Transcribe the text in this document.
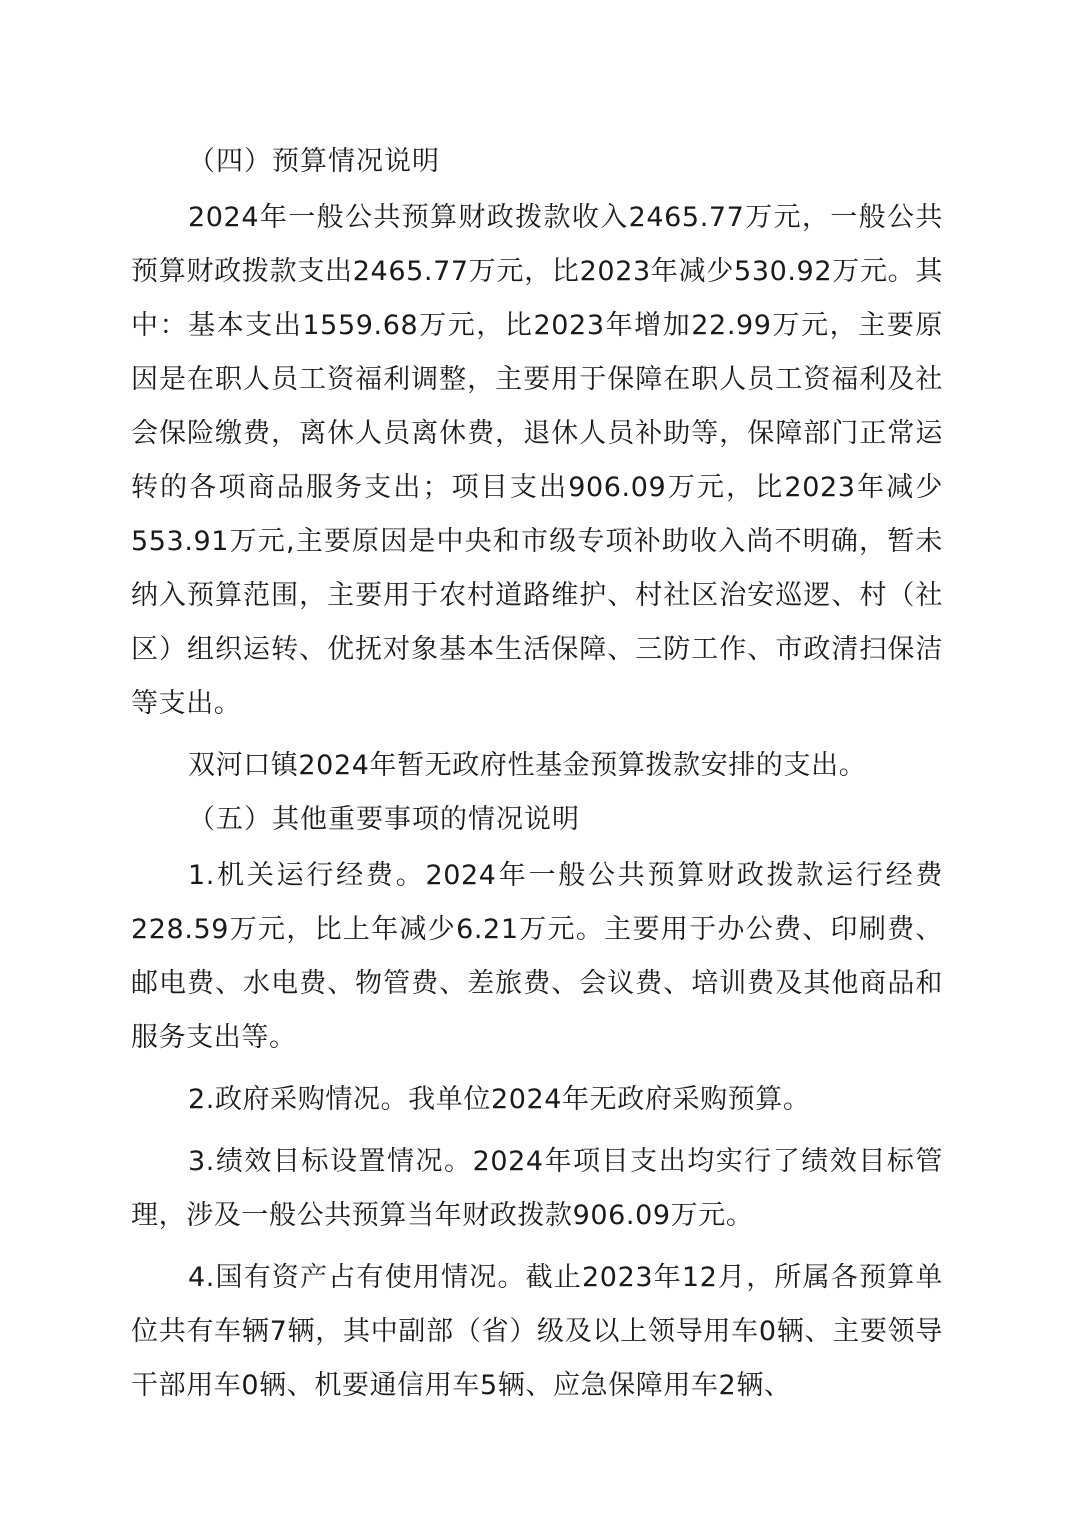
（四）预算情况说明

2024年一般公共预算财政拨款收入2465.77万元，一般公共预算财政拨款支出2465.77万元，比2023年减少530.92万元。其中：基本支出1559.68万元，比2023年增加22.99万元，主要原因是在职人员工资福利调整，主要用于保障在职人员工资福利及社会保险缴费，离休人员离休费，退休人员补助等，保障部门正常运转的各项商品服务支出；项目支出906.09万元，比2023年减少553.91万元,主要原因是中央和市级专项补助收入尚不明确，暂未纳入预算范围，主要用于农村道路维护、村社区治安巡逻、村（社区）组织运转、优抚对象基本生活保障、三防工作、市政清扫保洁等支出。

双河口镇2024年暂无政府性基金预算拨款安排的支出。

（五）其他重要事项的情况说明

1.机关运行经费。2024年一般公共预算财政拨款运行经费228.59万元，比上年减少6.21万元。主要用于办公费、印刷费、邮电费、水电费、物管费、差旅费、会议费、培训费及其他商品和服务支出等。

2.政府采购情况。我单位2024年无政府采购预算。

3.绩效目标设置情况。2024年项目支出均实行了绩效目标管理，涉及一般公共预算当年财政拨款906.09万元。

4.国有资产占有使用情况。截止2023年12月，所属各预算单位共有车辆7辆，其中副部（省）级及以上领导用车0辆、主要领导干部用车0辆、机要通信用车5辆、应急保障用车2辆、
